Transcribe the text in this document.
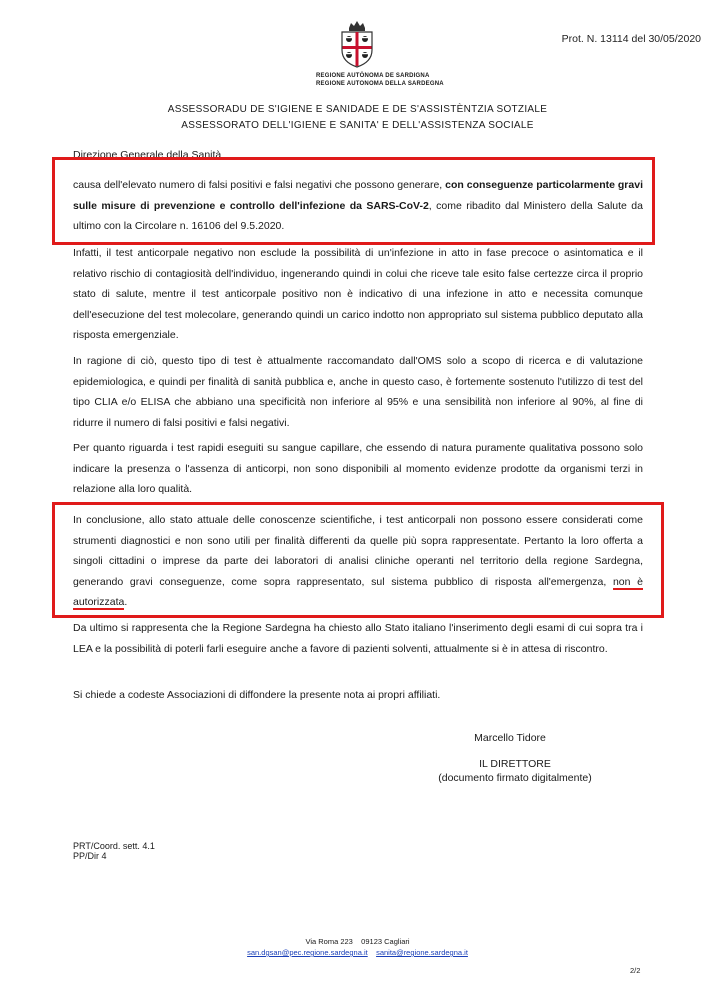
Prot. N. 13114 del 30/05/2020
REGIONE AUTÒNOMA DE SARDIGNA
REGIONE AUTONOMA DELLA SARDEGNA
ASSESSORADU DE S'IGIENE E SANIDADE E DE S'ASSISTÈNTZIA SOTZIALE
ASSESSORATO DELL'IGIENE E SANITA' E DELL'ASSISTENZA SOCIALE
Direzione Generale della Sanità

causa dell'elevato numero di falsi positivi e falsi negativi che possono generare, con conseguenze particolarmente gravi sulle misure di prevenzione e controllo dell'infezione da SARS-CoV-2, come ribadito dal Ministero della Salute da ultimo con la Circolare n. 16106 del 9.5.2020.

Infatti, il test anticorpale negativo non esclude la possibilità di un'infezione in atto in fase precoce o asintomatica e il relativo rischio di contagiosità dell'individuo, ingenerando quindi in colui che riceve tale esito false certezze circa il proprio stato di salute, mentre il test anticorpale positivo non è indicativo di una infezione in atto e necessita comunque dell'esecuzione del test molecolare, generando quindi un carico indotto non appropriato sul sistema pubblico deputato alla risposta emergenziale.

In ragione di ciò, questo tipo di test è attualmente raccomandato dall'OMS solo a scopo di ricerca e di valutazione epidemiologica, e quindi per finalità di sanità pubblica e, anche in questo caso, è fortemente sostenuto l'utilizzo di test del tipo CLIA e/o ELISA che abbiano una specificità non inferiore al 95% e una sensibilità non inferiore al 90%, al fine di ridurre il numero di falsi positivi e falsi negativi.

Per quanto riguarda i test rapidi eseguiti su sangue capillare, che essendo di natura puramente qualitativa possono solo indicare la presenza o l'assenza di anticorpi, non sono disponibili al momento evidenze prodotte da organismi terzi in relazione alla loro qualità.

In conclusione, allo stato attuale delle conoscenze scientifiche, i test anticorpali non possono essere considerati come strumenti diagnostici e non sono utili per finalità differenti da quelle più sopra rappresentate. Pertanto la loro offerta a singoli cittadini o imprese da parte dei laboratori di analisi cliniche operanti nel territorio della regione Sardegna, generando gravi conseguenze, come sopra rappresentato, sul sistema pubblico di risposta all'emergenza, non è autorizzata.

Da ultimo si rappresenta che la Regione Sardegna ha chiesto allo Stato italiano l'inserimento degli esami di cui sopra tra i LEA e la possibilità di poterli farli eseguire anche a favore di pazienti solventi, attualmente si è in attesa di riscontro.

Si chiede a codeste Associazioni di diffondere la presente nota ai propri affiliati.

Marcello Tidore
IL DIRETTORE
(documento firmato digitalmente)
PRT/Coord. sett. 4.1
PP/Dir 4
Via Roma 223    09123 Cagliari
san.dgsan@pec.regione.sardegna.it sanita@regione.sardegna.it
2/2
